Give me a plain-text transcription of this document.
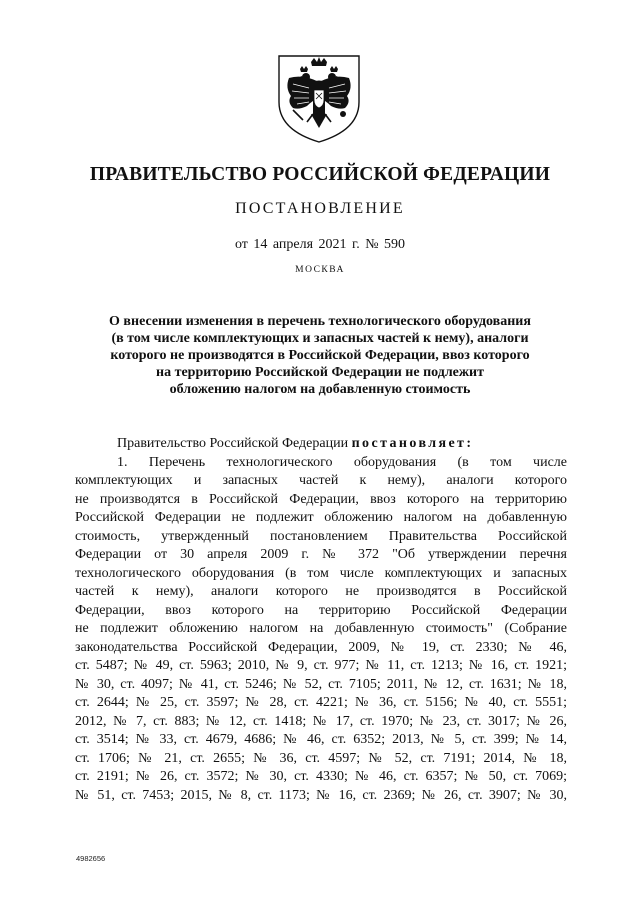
ПРАВИТЕЛЬСТВО РОССИЙСКОЙ ФЕДЕРАЦИИ
ПОСТАНОВЛЕНИЕ
от 14 апреля 2021 г. № 590
МОСКВА
О внесении изменения в перечень технологического оборудования
(в том числе комплектующих и запасных частей к нему), аналоги
которого не производятся в Российской Федерации, ввоз которого
на территорию Российской Федерации не подлежит
обложению налогом на добавленную стоимость
Правительство Российской Федерации постановляет:
1. Перечень технологического оборудования (в том числе
комплектующих и запасных частей к нему), аналоги которого
не производятся в Российской Федерации, ввоз которого на территорию
Российской Федерации не подлежит обложению налогом на добавленную
стоимость, утвержденный постановлением Правительства Российской
Федерации от 30 апреля 2009 г. № 372 "Об утверждении перечня
технологического оборудования (в том числе комплектующих и запасных
частей к нему), аналоги которого не производятся в Российской
Федерации, ввоз которого на территорию Российской Федерации
не подлежит обложению налогом на добавленную стоимость" (Собрание
законодательства Российской Федерации, 2009, № 19, ст. 2330; № 46,
ст. 5487; № 49, ст. 5963; 2010, № 9, ст. 977; № 11, ст. 1213; № 16, ст. 1921;
№ 30, ст. 4097; № 41, ст. 5246; № 52, ст. 7105; 2011, № 12, ст. 1631; № 18,
ст. 2644; № 25, ст. 3597; № 28, ст. 4221; № 36, ст. 5156; № 40, ст. 5551;
2012, № 7, ст. 883; № 12, ст. 1418; № 17, ст. 1970; № 23, ст. 3017; № 26,
ст. 3514; № 33, ст. 4679, 4686; № 46, ст. 6352; 2013, № 5, ст. 399; № 14,
ст. 1706; № 21, ст. 2655; № 36, ст. 4597; № 52, ст. 7191; 2014, № 18,
ст. 2191; № 26, ст. 3572; № 30, ст. 4330; № 46, ст. 6357; № 50, ст. 7069;
№ 51, ст. 7453; 2015, № 8, ст. 1173; № 16, ст. 2369; № 26, ст. 3907; № 30,
4982656
